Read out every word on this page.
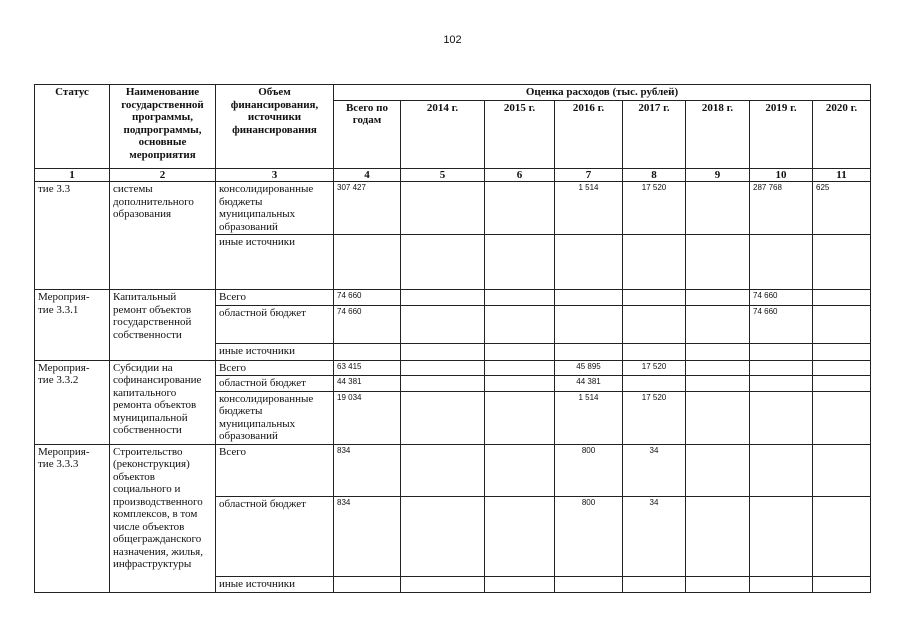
102
Статус	Наименование государственной программы, подпрограммы, основные мероприятия	Объем финансирования, источники финансирования	Оценка расходов (тыс. рублей)							
			Всего по годам	2014 г.	2015 г.	2016 г.	2017 г.	2018 г.	2019 г.	2020 г.
1	2	3	4	5	6	7	8	9	10	11
тие 3.3	системы дополнительного образования	консолидированные бюджеты муниципальных образований	307 427			1 514	17 520		287 768	625
		иные источники								
Мероприя- тие 3.3.1	Капитальный ремонт объектов государственной собственности	Всего	74 660						74 660	
		областной бюджет	74 660						74 660	
		иные источники								
Мероприя- тие 3.3.2	Субсидии на софинансирование капитального ремонта объектов муниципальной собственности	Всего	63 415			45 895	17 520			
		областной бюджет	44 381			44 381				
		консолидированные бюджеты муниципальных образований	19 034			1 514	17 520			
Мероприя- тие 3.3.3	Строительство (реконструкция) объектов социального и производственного комплексов, в том числе объектов общегражданского назначения, жилья, инфраструктуры	Всего	834			800	34			
		областной бюджет	834			800	34			
		иные источники								
